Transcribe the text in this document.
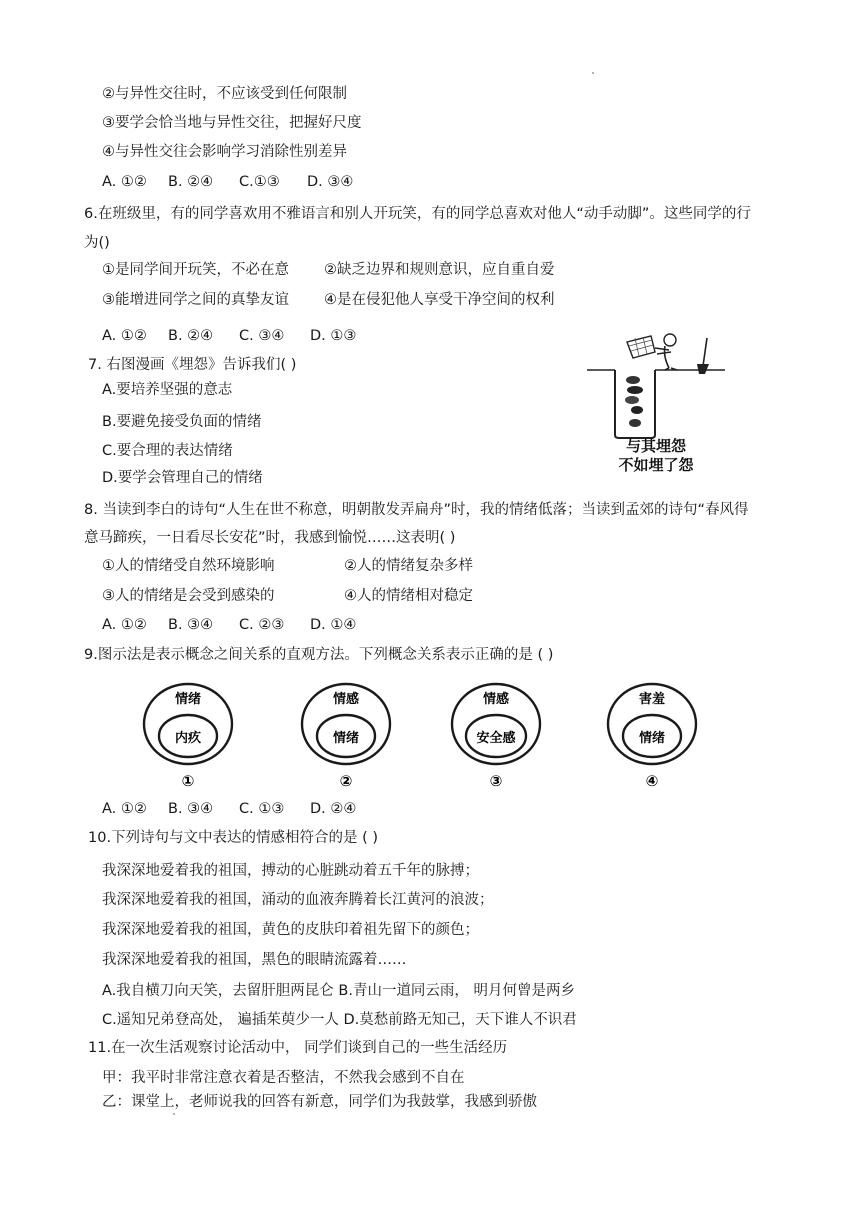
②与异性交往时，不应该受到任何限制
③要学会恰当地与异性交往，把握好尺度
④与异性交往会影响学习消除性别差异
A. ①② B. ②④ C.①③ D. ③④
6.在班级里，有的同学喜欢用不雅语言和别人开玩笑，有的同学总喜欢对他人“动手动脚”。这些同学的行
为()
①是同学间开玩笑，不必在意 ②缺乏边界和规则意识，应自重自爱
③能增进同学之间的真挚友谊 ④是在侵犯他人享受干净空间的权利
A. ①② B. ②④ C. ③④ D. ①③
7. 右图漫画《埋怨》告诉我们( )
A.要培养坚强的意志
B.要避免接受负面的情绪
C.要合理的表达情绪
D.要学会管理自己的情绪
与其埋怨
不如埋了怨
8. 当读到李白的诗句“人生在世不称意，明朝散发弄扁舟”时，我的情绪低落；当读到孟郊的诗句“春风得
意马蹄疾，一日看尽长安花”时，我感到愉悦……这表明( )
①人的情绪受自然环境影响	②人的情绪复杂多样
③人的情绪是会受到感染的	④人的情绪相对稳定
A. ①② B. ③④ C. ②③ D. ①④
9.图示法是表示概念之间关系的直观方法。下列概念关系表示正确的是 ( )
情绪
内疚
①
情感
情绪
②
情感
安全感
③
害羞
情绪
④
A. ①② B. ③④ C. ①③ D. ②④
10.下列诗句与文中表达的情感相符合的是 ( )
我深深地爱着我的祖国，搏动的心脏跳动着五千年的脉搏；
我深深地爱着我的祖国，涌动的血液奔腾着长江黄河的浪波；
我深深地爱着我的祖国，黄色的皮肤印着祖先留下的颜色；
我深深地爱着我的祖国，黑色的眼睛流露着……
A.我自横刀向天笑，去留肝胆两昆仑 B.青山一道同云雨， 明月何曾是两乡
C.遥知兄弟登高处， 遍插茱萸少一人 D.莫愁前路无知己，天下谁人不识君
11.在一次生活观察讨论活动中， 同学们谈到自己的一些生活经历
甲：我平时非常注意衣着是否整洁，不然我会感到不自在
乙：课堂上，老师说我的回答有新意，同学们为我鼓掌，我感到骄傲
